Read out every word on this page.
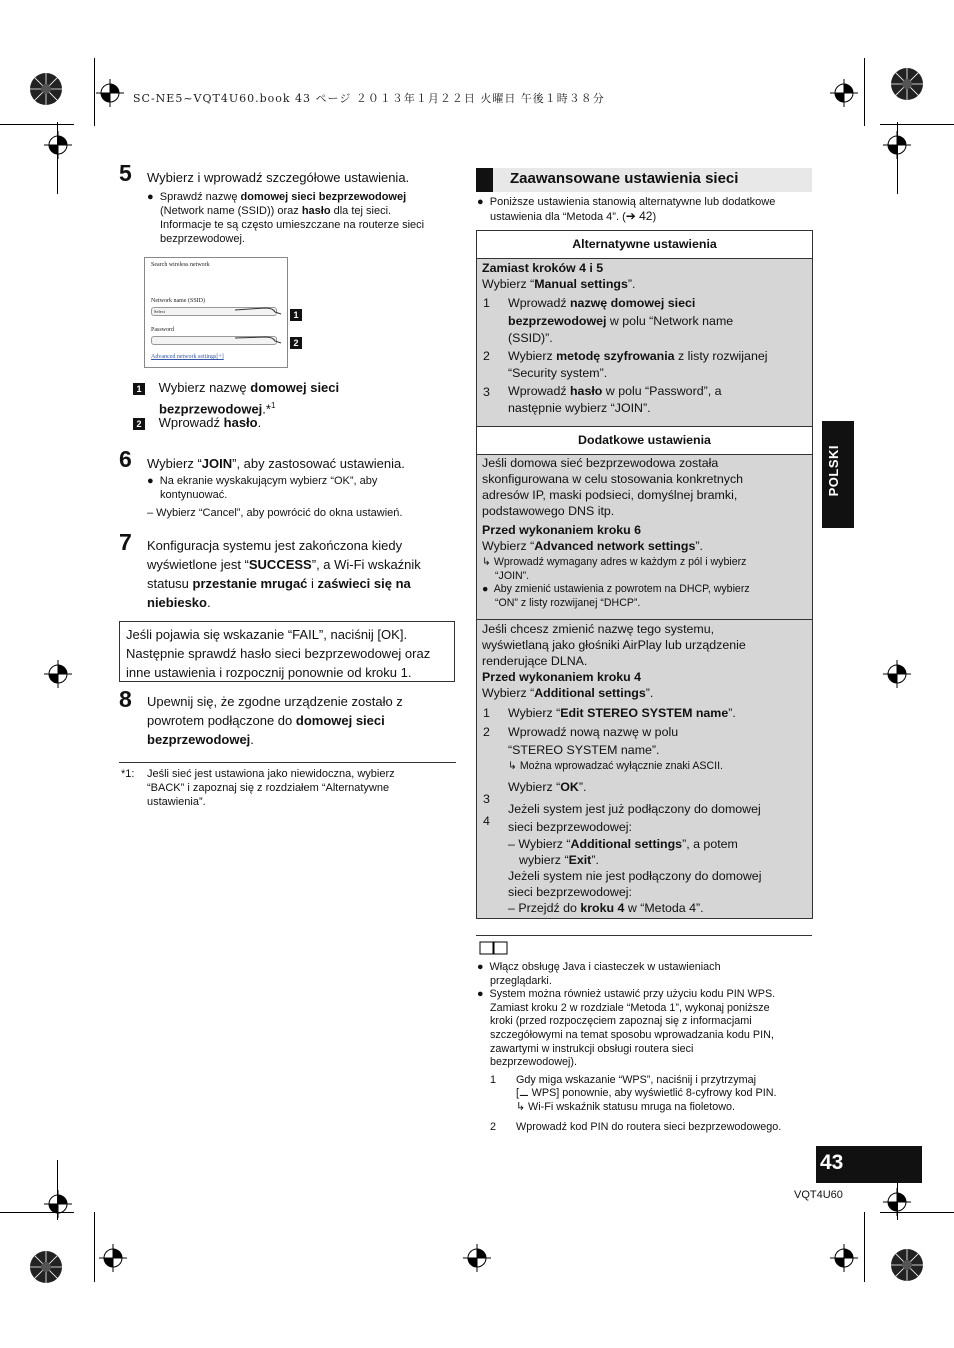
SC-NE5~VQT4U60.book 43 ページ ２０１３年１月２２日 火曜日 午後１時３８分
5 Wybierz i wprowadź szczegółowe ustawienia.
● Sprawdź nazwę domowej sieci bezprzewodowej
(Network name (SSID)) oraz hasło dla tej sieci.
Informacje te są często umieszczane na routerze sieci
bezprzewodowej.
Search wireless network
Network name (SSID)
Select
Password
Advanced network settings[+]
1
2
1 Wybierz nazwę domowej sieci
bezprzewodowej.*$^1$
2 Wprowadź hasło.
6 Wybierz “JOIN”, aby zastosować ustawienia.
● Na ekranie wyskakującym wybierz “OK”, aby
kontynuować.
– Wybierz “Cancel”, aby powrócić do okna ustawień.
7 Konfiguracja systemu jest zakończona kiedy
wyświetlone jest “SUCCESS”, a Wi-Fi wskaźnik
statusu przestanie mrugać i zaświeci się na
niebiesko.
Jeśli pojawia się wskazanie “FAIL”, naciśnij [OK].
Następnie sprawdź hasło sieci bezprzewodowej oraz
inne ustawienia i rozpocznij ponownie od kroku 1.
8 Upewnij się, że zgodne urządzenie zostało z
powrotem podłączone do domowej sieci
bezprzewodowej.
*1: Jeśli sieć jest ustawiona jako niewidoczna, wybierz
“BACK” i zapoznaj się z rozdziałem “Alternatywne
ustawienia”.
Zaawansowane ustawienia sieci
● Poniższe ustawienia stanowią alternatywne lub dodatkowe
ustawienia dla “Metoda 4”. (➔ 42)
Alternatywne ustawienia
Zamiast kroków 4 i 5
Wybierz “Manual settings”.
1	Wprowadź nazwę domowej sieci
bezprzewodowej w polu “Network name
(SSID)”.
2	Wybierz metodę szyfrowania z listy rozwijanej
“Security system”.
3	Wprowadź hasło w polu “Password”, a
następnie wybierz “JOIN”.
Dodatkowe ustawienia
Jeśli domowa sieć bezprzewodowa została
skonfigurowana w celu stosowania konkretnych
adresów IP, maski podsieci, domyślnej bramki,
podstawowego DNS itp.
Przed wykonaniem kroku 6
Wybierz “Advanced network settings”.
↳ Wprowadź wymagany adres w każdym z pól i wybierz
“JOIN”.
● Aby zmienić ustawienia z powrotem na DHCP, wybierz
“ON” z listy rozwijanej “DHCP”.
Jeśli chcesz zmienić nazwę tego systemu,
wyświetlaną jako głośniki AirPlay lub urządzenie
renderujące DLNA.
Przed wykonaniem kroku 4
Wybierz “Additional settings”.
1	Wybierz “Edit STEREO SYSTEM name”.
2	Wprowadź nową nazwę w polu
“STEREO SYSTEM name”.
↳ Można wprowadzać wyłącznie znaki ASCII.
3
Wybierz “OK”.
4
Jeżeli system jest już podłączony do domowej
sieci bezprzewodowej:
– Wybierz “Additional settings”, a potem
wybierz “Exit”.
Jeżeli system nie jest podłączony do domowej
sieci bezprzewodowej:
– Przejdź do kroku 4 w “Metoda 4”.
● Włącz obsługę Java i ciasteczek w ustawieniach
przeglądarki.
● System można również ustawić przy użyciu kodu PIN WPS.
Zamiast kroku 2 w rozdziale “Metoda 1”, wykonaj poniższe
kroki (przed rozpoczęciem zapoznaj się z informacjami
szczegółowymi na temat sposobu wprowadzania kodu PIN,
zawartymi w instrukcji obsługi routera sieci
bezprzewodowej).
1	Gdy miga wskazanie “WPS”, naciśnij i przytrzymaj
[⚊ WPS] ponownie, aby wyświetlić 8-cyfrowy kod PIN.
↳ Wi-Fi wskaźnik statusu mruga na fioletowo.
2	Wprowadź kod PIN do routera sieci bezprzewodowego.
POLSKI
43
VQT4U60
